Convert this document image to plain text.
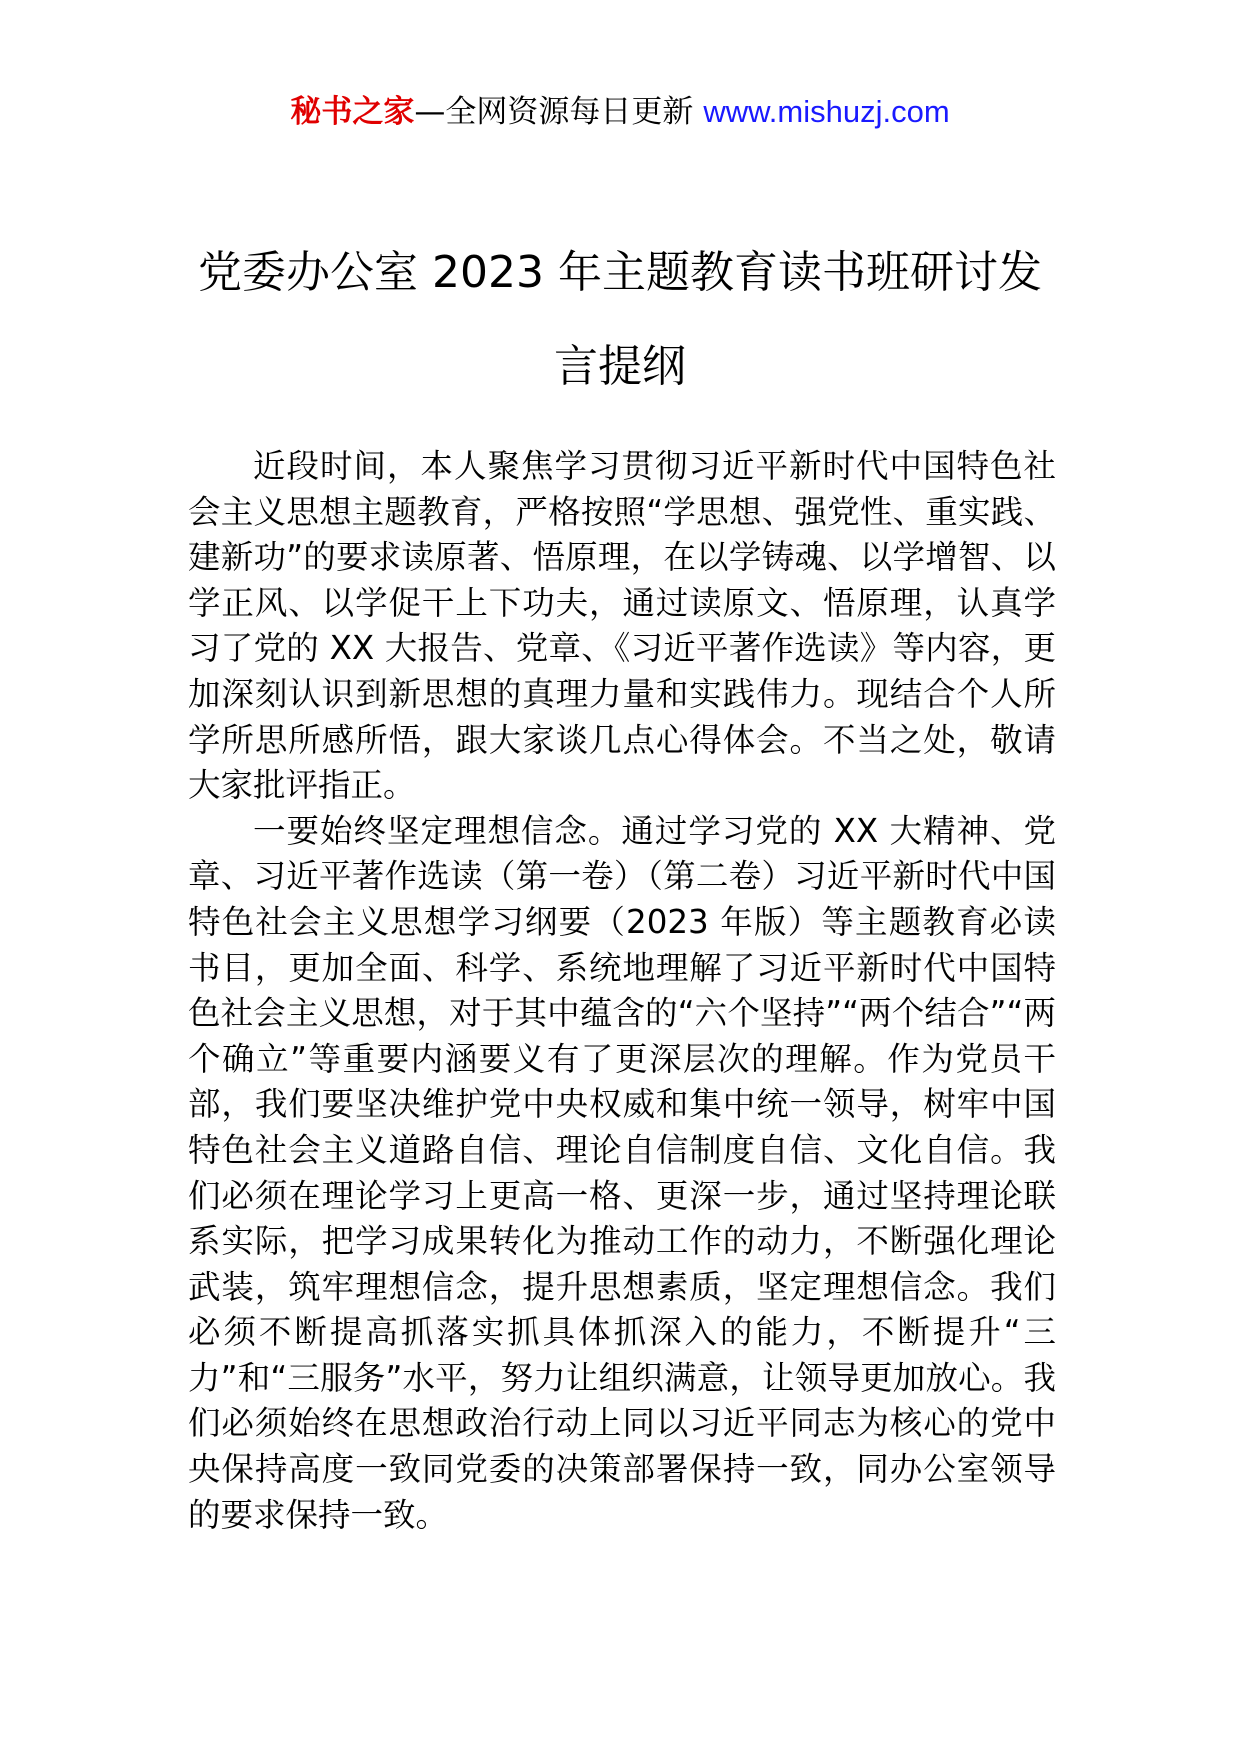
秘书之家—全网资源每日更新 www.mishuzj.com
党委办公室 2023 年主题教育读书班研讨发
言提纲

近段时间，本人聚焦学习贯彻习近平新时代中国特色社会主义思想主题教育，严格按照“学思想、强党性、重实践、建新功”的要求读原著、悟原理，在以学铸魂、以学增智、以学正风、以学促干上下功夫，通过读原文、悟原理，认真学习了党的 XX 大报告、党章、《习近平著作选读》等内容，更加深刻认识到新思想的真理力量和实践伟力。现结合个人所学所思所感所悟，跟大家谈几点心得体会。不当之处，敬请大家批评指正。

一要始终坚定理想信念。通过学习党的 XX 大精神、党章、习近平著作选读（第一卷）（第二卷）习近平新时代中国特色社会主义思想学习纲要（2023 年版）等主题教育必读书目，更加全面、科学、系统地理解了习近平新时代中国特色社会主义思想，对于其中蕴含的“六个坚持”“两个结合”“两个确立”等重要内涵要义有了更深层次的理解。作为党员干部，我们要坚决维护党中央权威和集中统一领导，树牢中国特色社会主义道路自信、理论自信制度自信、文化自信。我们必须在理论学习上更高一格、更深一步，通过坚持理论联系实际，把学习成果转化为推动工作的动力，不断强化理论武装，筑牢理想信念，提升思想素质，坚定理想信念。我们必须不断提高抓落实抓具体抓深入的能力，不断提升“三力”和“三服务”水平，努力让组织满意，让领导更加放心。我们必须始终在思想政治行动上同以习近平同志为核心的党中央保持高度一致同党委的决策部署保持一致，同办公室领导的要求保持一致。
